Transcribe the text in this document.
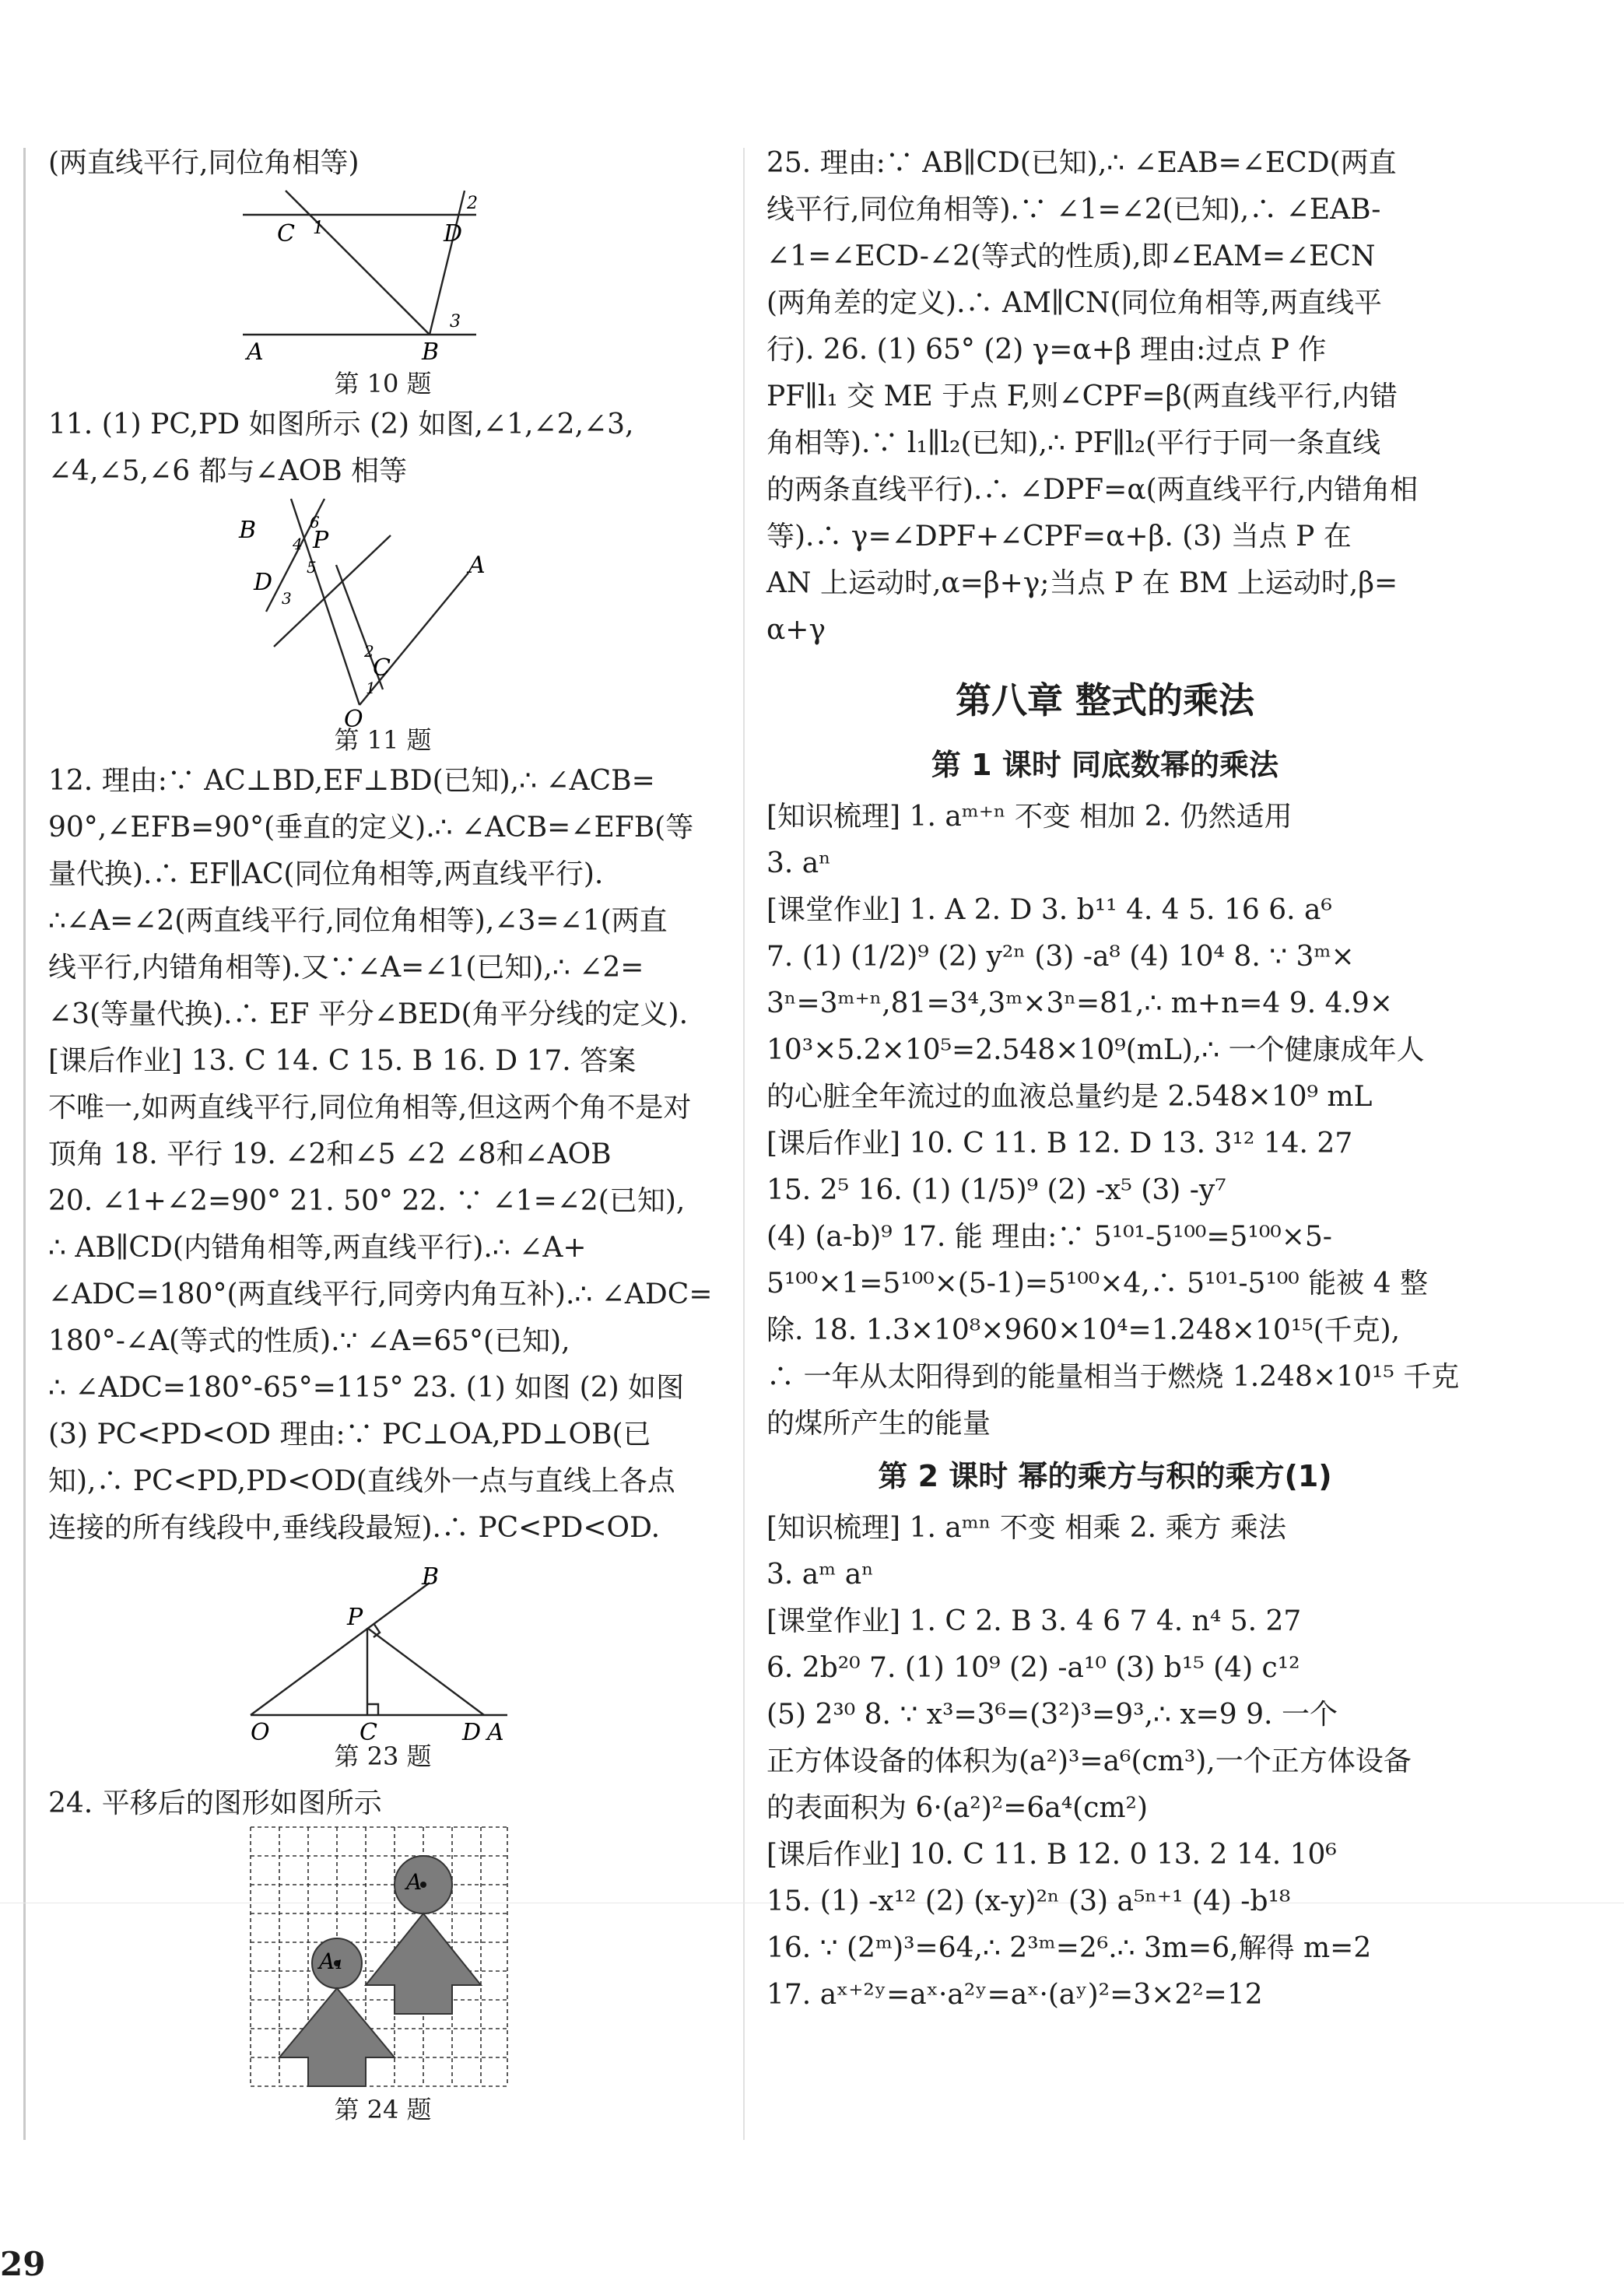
(两直线平行,同位角相等)
C	D
A	B
1
2
3
第 10 题
11. (1) PC,PD 如图所示 (2) 如图,∠1,∠2,∠3,
∠4,∠5,∠6 都与∠AOB 相等
B P
D
A
C
O
1
2
3
4
5
6
第 11 题
12. 理由:∵ AC⊥BD,EF⊥BD(已知),∴ ∠ACB=
90°,∠EFB=90°(垂直的定义).∴ ∠ACB=∠EFB(等
量代换).∴ EF∥AC(同位角相等,两直线平行).
∴∠A=∠2(两直线平行,同位角相等),∠3=∠1(两直
线平行,内错角相等).又∵∠A=∠1(已知),∴ ∠2=
∠3(等量代换).∴ EF 平分∠BED(角平分线的定义).
[课后作业] 13. C 14. C 15. B 16. D 17. 答案
不唯一,如两直线平行,同位角相等,但这两个角不是对
顶角 18. 平行 19. ∠2和∠5 ∠2 ∠8和∠AOB
20. ∠1+∠2=90° 21. 50° 22. ∵ ∠1=∠2(已知),
∴ AB∥CD(内错角相等,两直线平行).∴ ∠A+
∠ADC=180°(两直线平行,同旁内角互补).∴ ∠ADC=
180°-∠A(等式的性质).∵ ∠A=65°(已知),
∴ ∠ADC=180°-65°=115° 23. (1) 如图 (2) 如图
(3) PC<PD<OD 理由:∵ PC⊥OA,PD⊥OB(已
知),∴ PC<PD,PD<OD(直线外一点与直线上各点
连接的所有线段中,垂线段最短).∴ PC<PD<OD.
B
P
O	C	D A
第 23 题
24. 平移后的图形如图所示
A
A₁
第 24 题
25. 理由:∵ AB∥CD(已知),∴ ∠EAB=∠ECD(两直
线平行,同位角相等).∵ ∠1=∠2(已知),∴ ∠EAB-
∠1=∠ECD-∠2(等式的性质),即∠EAM=∠ECN
(两角差的定义).∴ AM∥CN(同位角相等,两直线平
行). 26. (1) 65° (2) γ=α+β 理由:过点 P 作
PF∥l₁ 交 ME 于点 F,则∠CPF=β(两直线平行,内错
角相等).∵ l₁∥l₂(已知),∴ PF∥l₂(平行于同一条直线
的两条直线平行).∴ ∠DPF=α(两直线平行,内错角相
等).∴ γ=∠DPF+∠CPF=α+β. (3) 当点 P 在
AN 上运动时,α=β+γ;当点 P 在 BM 上运动时,β=
α+γ
第八章 整式的乘法
第 1 课时 同底数幂的乘法
[知识梳理] 1. aᵐ⁺ⁿ 不变 相加 2. 仍然适用
3. aⁿ
[课堂作业] 1. A 2. D 3. b¹¹ 4. 4 5. 16 6. a⁶
7. (1) (1/2)⁹ (2) y²ⁿ (3) -a⁸ (4) 10⁴ 8. ∵ 3ᵐ×
3ⁿ=3ᵐ⁺ⁿ,81=3⁴,3ᵐ×3ⁿ=81,∴ m+n=4 9. 4.9×
10³×5.2×10⁵=2.548×10⁹(mL),∴ 一个健康成年人
的心脏全年流过的血液总量约是 2.548×10⁹ mL
[课后作业] 10. C 11. B 12. D 13. 3¹² 14. 27
15. 2⁵ 16. (1) (1/5)⁹ (2) -x⁵ (3) -y⁷
(4) (a-b)⁹ 17. 能 理由:∵ 5¹⁰¹-5¹⁰⁰=5¹⁰⁰×5-
5¹⁰⁰×1=5¹⁰⁰×(5-1)=5¹⁰⁰×4,∴ 5¹⁰¹-5¹⁰⁰ 能被 4 整
除. 18. 1.3×10⁸×960×10⁴=1.248×10¹⁵(千克),
∴ 一年从太阳得到的能量相当于燃烧 1.248×10¹⁵ 千克
的煤所产生的能量
第 2 课时 幂的乘方与积的乘方(1)
[知识梳理] 1. aᵐⁿ 不变 相乘 2. 乘方 乘法
3. aᵐ aⁿ
[课堂作业] 1. C 2. B 3. 4 6 7 4. n⁴ 5. 27
6. 2b²⁰ 7. (1) 10⁹ (2) -a¹⁰ (3) b¹⁵ (4) c¹²
(5) 2³⁰ 8. ∵ x³=3⁶=(3²)³=9³,∴ x=9 9. 一个
正方体设备的体积为(a²)³=a⁶(cm³),一个正方体设备
的表面积为 6·(a²)²=6a⁴(cm²)
[课后作业] 10. C 11. B 12. 0 13. 2 14. 10⁶
15. (1) -x¹² (2) (x-y)²ⁿ (3) a⁵ⁿ⁺¹ (4) -b¹⁸
16. ∵ (2ᵐ)³=64,∴ 2³ᵐ=2⁶.∴ 3m=6,解得 m=2
17. aˣ⁺²ʸ=aˣ·a²ʸ=aˣ·(aʸ)²=3×2²=12
29
